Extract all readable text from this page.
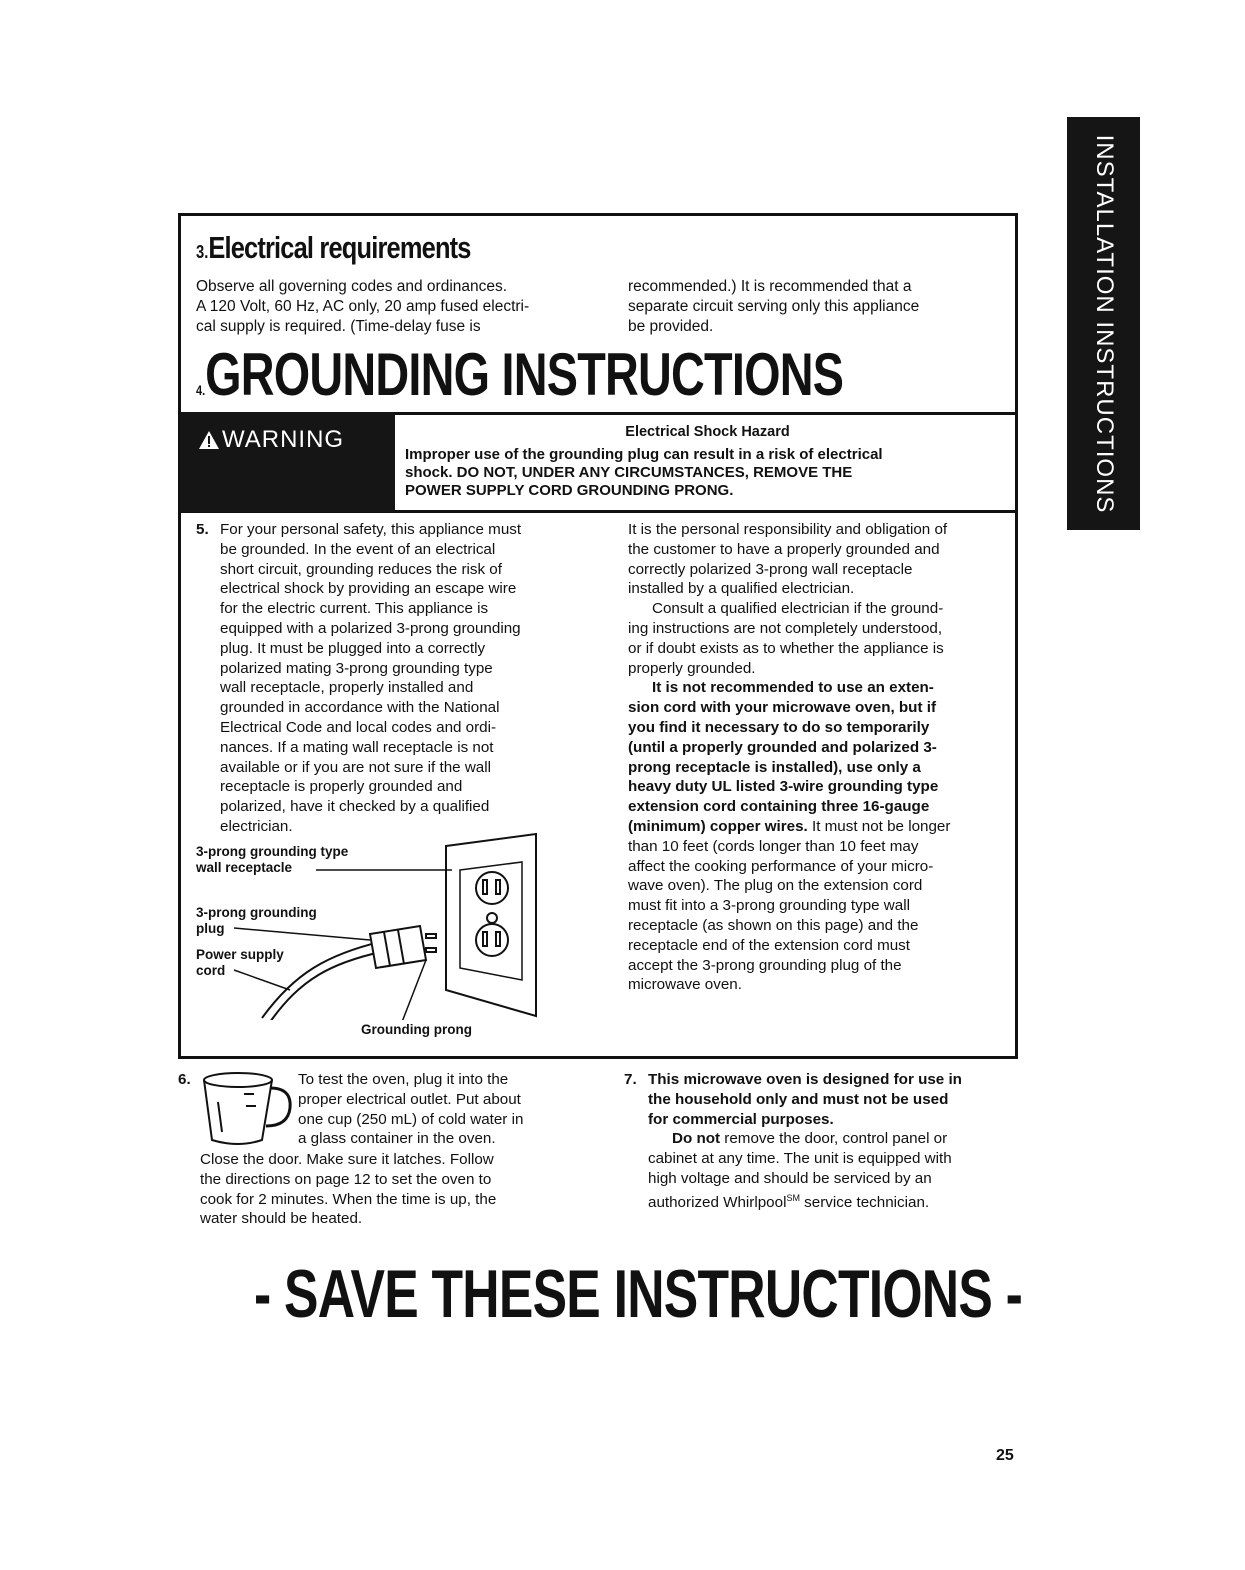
INSTALLATION INSTRUCTIONS
3.Electrical requirements

Observe all governing codes and ordinances.

A 120 Volt, 60 Hz, AC only, 20 amp fused electri-

cal supply is required. (Time-delay fuse is

recommended.) It is recommended that a

separate circuit serving only this appliance

be provided.

4.GROUNDING INSTRUCTIONS
WARNING	Electrical Shock Hazard
Improper use of the grounding plug can result in a risk of electrical
shock. DO NOT, UNDER ANY CIRCUMSTANCES, REMOVE THE
POWER SUPPLY CORD GROUNDING PRONG.
5. For your personal safety, this appliance must

be grounded. In the event of an electrical

short circuit, grounding reduces the risk of

electrical shock by providing an escape wire

for the electric current. This appliance is

equipped with a polarized 3-prong grounding

plug. It must be plugged into a correctly

polarized mating 3-prong grounding type

wall receptacle, properly installed and

grounded in accordance with the National

Electrical Code and local codes and ordi-

nances. If a mating wall receptacle is not

available or if you are not sure if the wall

receptacle is properly grounded and

polarized, have it checked by a qualified

electrician.

3-prong grounding type
wall receptacle
3-prong grounding
plug
Power supply
cord
Grounding prong

It is the personal responsibility and obligation of

the customer to have a properly grounded and

correctly polarized 3-prong wall receptacle

installed by a qualified electrician.

Consult a qualified electrician if the ground-

ing instructions are not completely understood,

or if doubt exists as to whether the appliance is

properly grounded.

It is not recommended to use an exten-

sion cord with your microwave oven, but if

you find it necessary to do so temporarily

(until a properly grounded and polarized 3-

prong receptacle is installed), use only a

heavy duty UL listed 3-wire grounding type

extension cord containing three 16-gauge

(minimum) copper wires. It must not be longer

than 10 feet (cords longer than 10 feet may

affect the cooking performance of your micro-

wave oven). The plug on the extension cord

must fit into a 3-prong grounding type wall

receptacle (as shown on this page) and the

receptacle end of the extension cord must

accept the 3-prong grounding plug of the

microwave oven.

6.	To test the oven, plug it into the

proper electrical outlet. Put about

one cup (250 mL) of cold water in

a glass container in the oven.

Close the door. Make sure it latches. Follow

the directions on page 12 to set the oven to

cook for 2 minutes. When the time is up, the

water should be heated.

7. This microwave oven is designed for use in

the household only and must not be used

for commercial purposes.

Do not remove the door, control panel or

cabinet at any time. The unit is equipped with

high voltage and should be serviced by an

authorized Whirlpool℠ service technician.

- SAVE THESE INSTRUCTIONS -
25
